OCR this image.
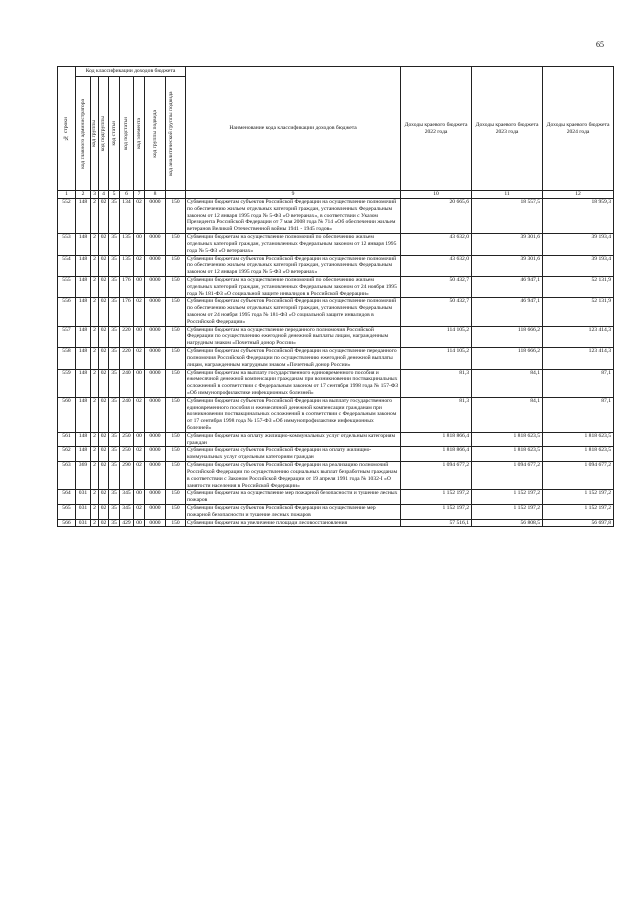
65
№ строки	Код классификации доходов бюджета								Наименование кода классификации доходов бюджета	Доходы краевого бюджета 2022 года	Доходы краевого бюджета 2023 года	Доходы краевого бюджета 2024 года

	код главного администратора	код группы	код подгруппы	код статьи	код подстатьи	код элемента	код группы подвида	код аналитической группы подвида				

1	2	3	4	5	6	7	8		9	10	11	12
552	148	2	02	35	134	02	0000	150	Субвенции бюджетам субъектов Российской Федерации на осуществление полномочий по обеспечению жильем отдельных категорий граждан, установленных Федеральным законом от 12 января 1995 года № 5-ФЗ «О ветеранах», в соответствии с Указом Президента Российской Федерации от 7 мая 2008 года № 714 «Об обеспечении жильем ветеранов Великой Отечественной войны 1941 - 1945 годов»	20 665,6	18 557,5	18 959,3
553	148	2	02	35	135	00	0000	150	Субвенции бюджетам на осуществление полномочий по обеспечению жильем отдельных категорий граждан, установленных Федеральным законом от 12 января 1995 года № 5-ФЗ «О ветеранах»	43 632,0	39 301,6	39 193,4
554	148	2	02	35	135	02	0000	150	Субвенции бюджетам субъектов Российской Федерации на осуществление полномочий по обеспечению жильем отдельных категорий граждан, установленных Федеральным законом от 12 января 1995 года № 5-ФЗ «О ветеранах»	43 632,0	39 301,6	39 193,4
555	148	2	02	35	176	00	0000	150	Субвенции бюджетам на осуществление полномочий по обеспечению жильем отдельных категорий граждан, установленных Федеральным законом от 24 ноября 1995 года № 181-ФЗ «О социальной защите инвалидов в Российской Федерации»	50 432,7	46 947,1	52 131,9
556	148	2	02	35	176	02	0000	150	Субвенции бюджетам субъектов Российской Федерации на осуществление полномочий по обеспечению жильем отдельных категорий граждан, установленных Федеральным законом от 24 ноября 1995 года № 181-ФЗ «О социальной защите инвалидов в Российской Федерации»	50 432,7	46 947,1	52 131,9
557	148	2	02	35	220	00	0000	150	Субвенции бюджетам на осуществление переданного полномочия Российской Федерации по осуществлению ежегодной денежной выплаты лицам, награжденным нагрудным знаком «Почетный донор России»	114 105,2	118 666,2	123 414,3
558	148	2	02	35	220	02	0000	150	Субвенции бюджетам субъектов Российской Федерации на осуществление переданного полномочия Российской Федерации по осуществлению ежегодной денежной выплаты лицам, награжденным нагрудным знаком «Почетный донор России»	114 105,2	118 666,2	123 414,3
559	148	2	02	35	240	00	0000	150	Субвенции бюджетам на выплату государственного единовременного пособия и ежемесячной денежной компенсации гражданам при возникновении поствакцинальных осложнений в соответствии с Федеральным законом от 17 сентября 1998 года № 157-ФЗ «Об иммунопрофилактике инфекционных болезней»	81,3	84,1	87,1
560	148	2	02	35	240	02	0000	150	Субвенции бюджетам субъектов Российской Федерации на выплату государственного единовременного пособия и ежемесячной денежной компенсации гражданам при возникновении поствакцинальных осложнений в соответствии с Федеральным законом от 17 сентября 1998 года № 157-ФЗ «Об иммунопрофилактике инфекционных болезней»	81,3	84,1	87,1
561	148	2	02	35	250	00	0000	150	Субвенции бюджетам на оплату жилищно-коммунальных услуг отдельным категориям граждан	1 818 866,4	1 818 623,5	1 818 623,5
562	148	2	02	35	250	02	0000	150	Субвенции бюджетам субъектов Российской Федерации на оплату жилищно-коммунальных услуг отдельным категориям граждан	1 818 866,4	1 818 623,5	1 818 623,5
563	369	2	02	35	290	02	0000	150	Субвенции бюджетам субъектов Российской Федерации на реализацию полномочий Российской Федерации по осуществлению социальных выплат безработным гражданам в соответствии с Законом Российской Федерации от 19 апреля 1991 года № 1032-I «О занятости населения в Российской Федерации»	1 094 677,2	1 094 677,2	1 094 677,2
564	031	2	02	35	345	00	0000	150	Субвенции бюджетам на осуществление мер пожарной безопасности и тушение лесных пожаров	1 152 197,2	1 152 197,2	1 152 197,2
565	031	2	02	35	345	02	0000	150	Субвенции бюджетам субъектов Российской Федерации на осуществление мер пожарной безопасности и тушение лесных пожаров	1 152 197,2	1 152 197,2	1 152 197,2
566	031	2	02	35	429	00	0000	150	Субвенции бюджетам на увеличение площади лесовосстановления	57 516,1	56 808,5	56 697,8
